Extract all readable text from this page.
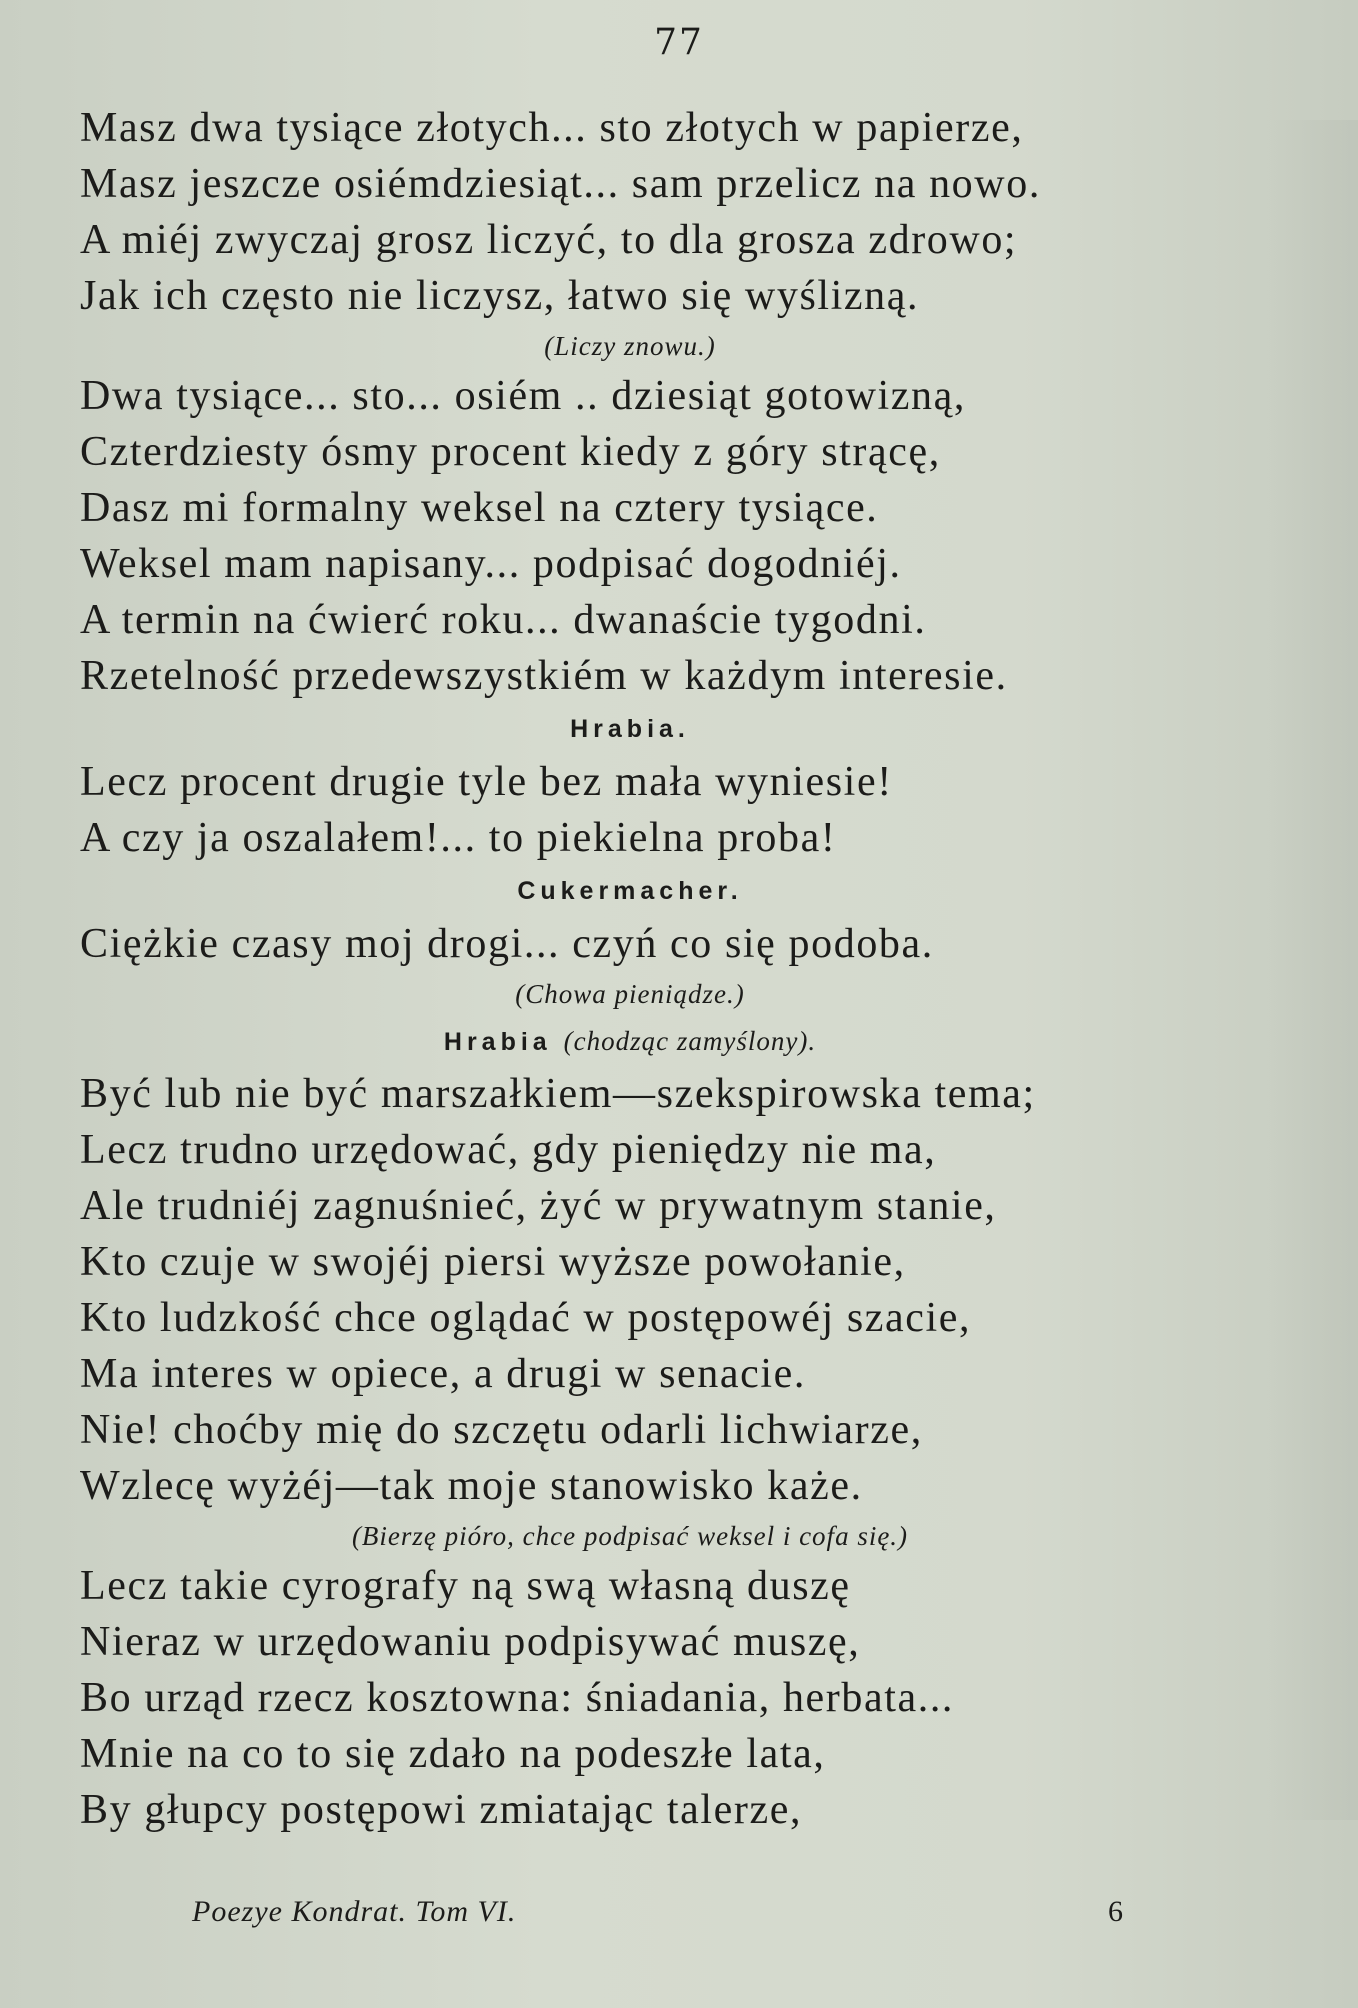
77
Masz dwa tysiące złotych... sto złotych w papierze,
Masz jeszcze osiémdziesiąt... sam przelicz na nowo.
A miéj zwyczaj grosz liczyć, to dla grosza zdrowo;
Jak ich często nie liczysz, łatwo się wyślizną.
(Liczy znowu.)
Dwa tysiące... sto... osiém .. dziesiąt gotowizną,
Czterdziesty ósmy procent kiedy z góry strącę,
Dasz mi formalny weksel na cztery tysiące.
Weksel mam napisany... podpisać dogodniéj.
A termin na ćwierć roku... dwanaście tygodni.
Rzetelność przedewszystkiém w każdym interesie.
Hrabia.
Lecz procent drugie tyle bez mała wyniesie!
A czy ja oszalałem!... to piekielna proba!
Cukermacher.
Ciężkie czasy moj drogi... czyń co się podoba.
(Chowa pieniądze.)
Hrabia (chodząc zamyślony).
Być lub nie być marszałkiem—szekspirowska tema;
Lecz trudno urzędować, gdy pieniędzy nie ma,
Ale trudniéj zagnuśnieć, żyć w prywatnym stanie,
Kto czuje w swojéj piersi wyższe powołanie,
Kto ludzkość chce oglądać w postępowéj szacie,
Ma interes w opiece, a drugi w senacie.
Nie! choćby mię do szczętu odarli lichwiarze,
Wzlecę wyżéj—tak moje stanowisko każe.
(Bierzę pióro, chce podpisać weksel i cofa się.)
Lecz takie cyrografy ną swą własną duszę
Nieraz w urzędowaniu podpisywać muszę,
Bo urząd rzecz kosztowna: śniadania, herbata...
Mnie na co to się zdało na podeszłe lata,
By głupcy postępowi zmiatając talerze,
Poezye Kondrat. Tom VI.	6
